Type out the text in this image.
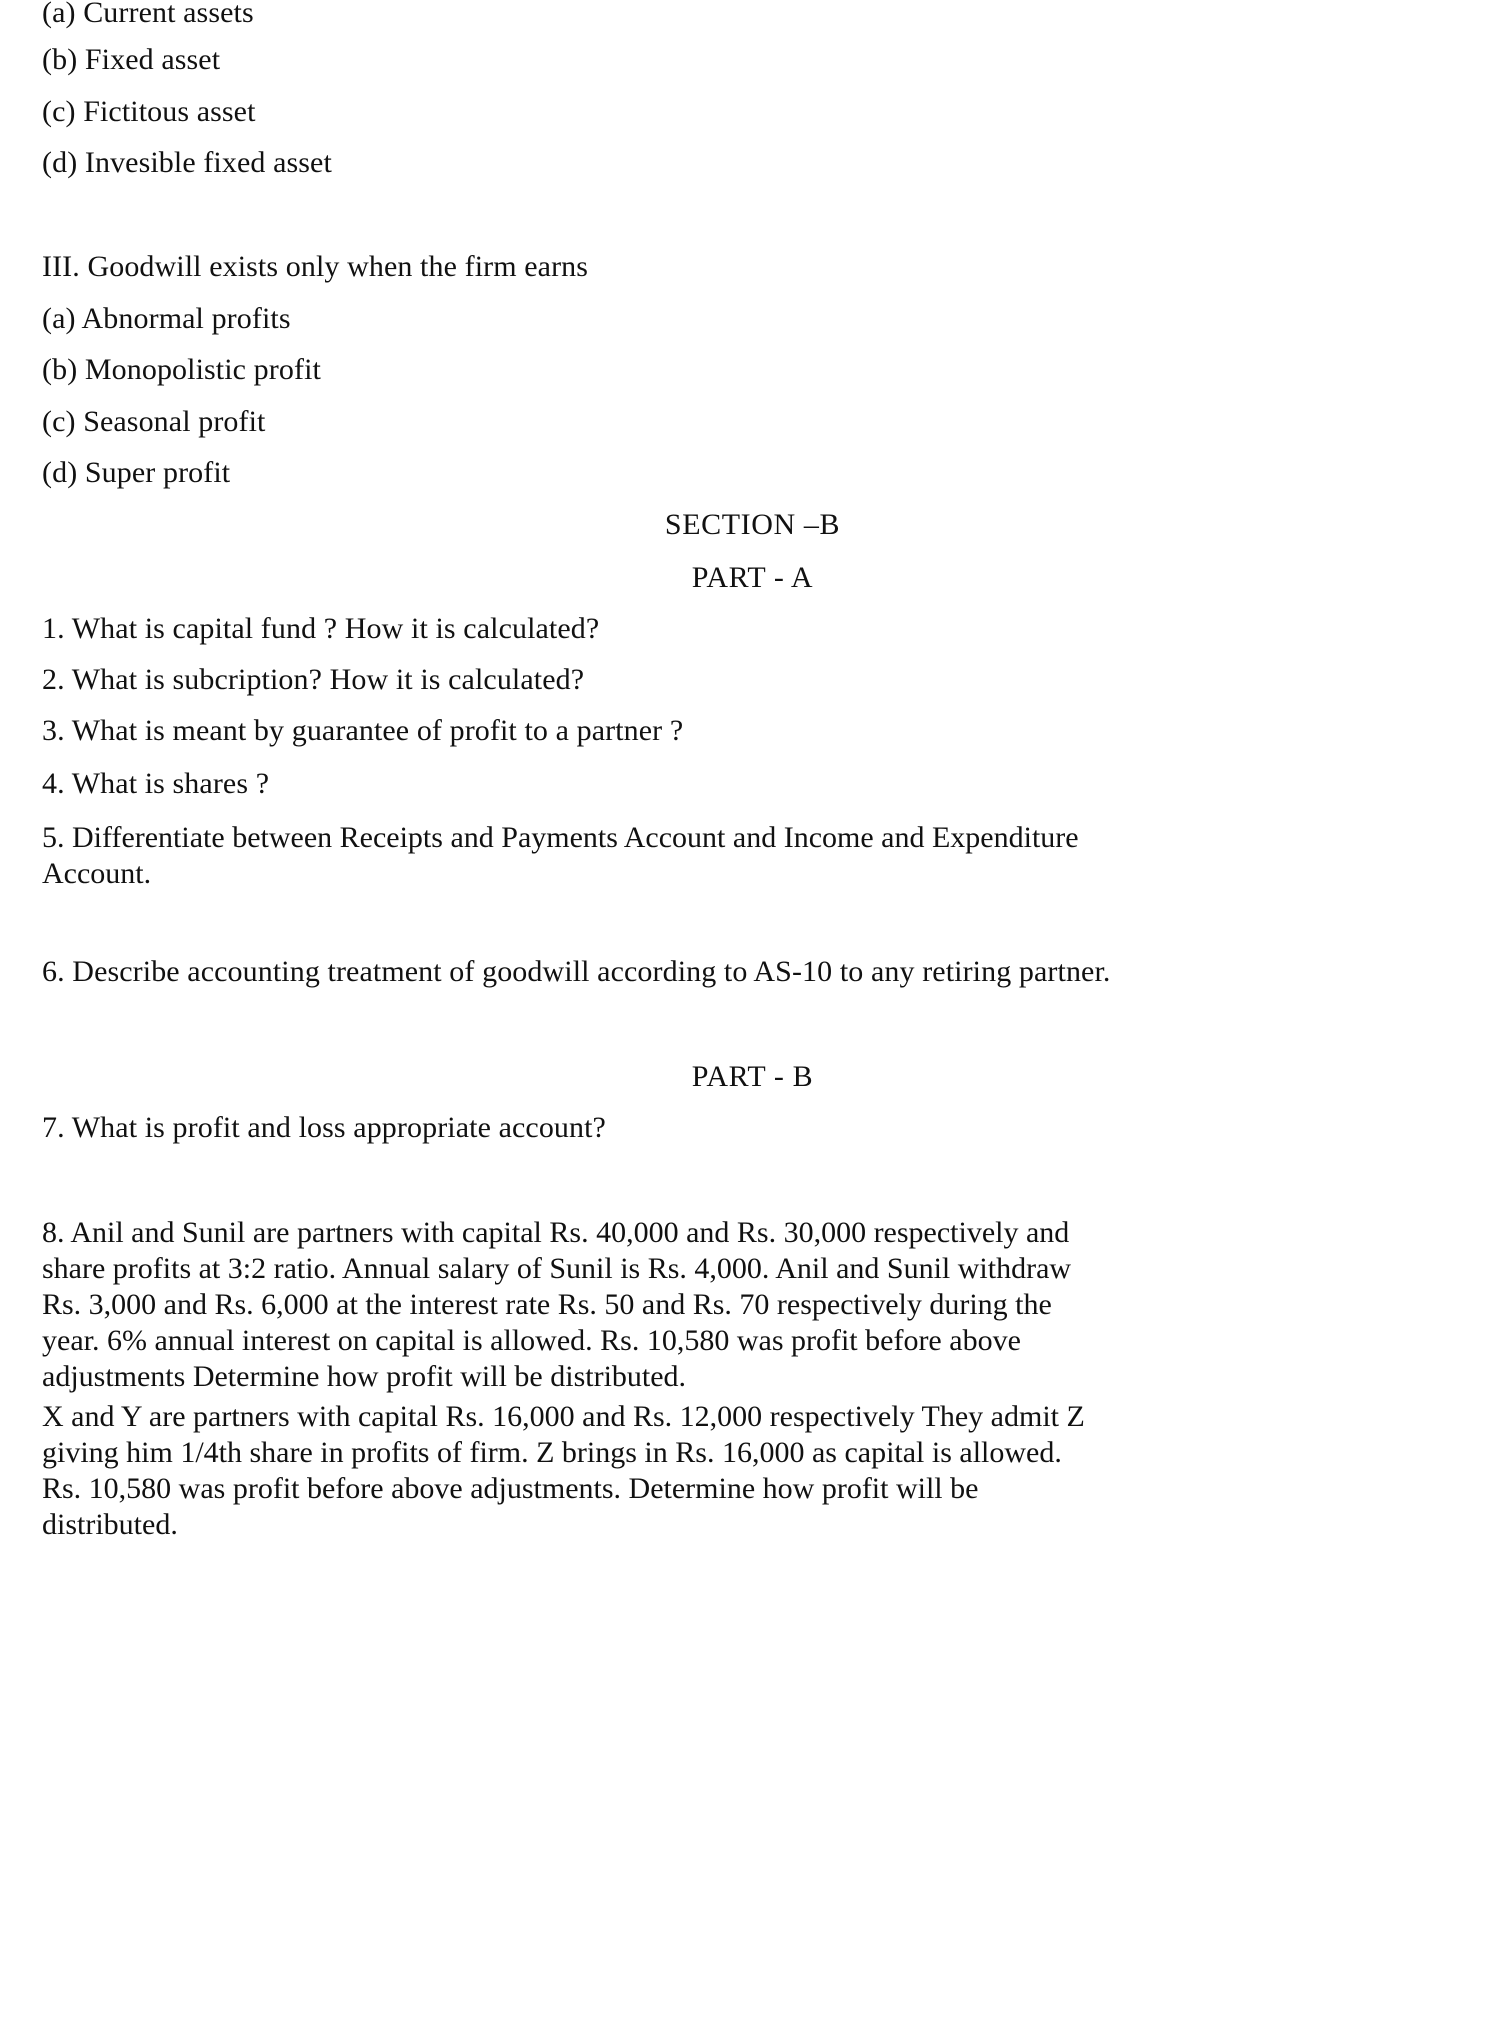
(a) Current assets
(b) Fixed asset
(c) Fictitous asset
(d) Invesible fixed asset
III. Goodwill exists only when the firm earns
(a) Abnormal profits
(b) Monopolistic profit
(c) Seasonal profit
(d) Super profit
SECTION –B
PART - A
1. What is capital fund ? How it is calculated?
2. What is subcription? How it is calculated?
3. What is meant by guarantee of profit to a partner ?
4. What is shares ?
5. Differentiate between Receipts and Payments Account and Income and Expenditure Account.
6. Describe accounting treatment of goodwill according to AS-10 to any retiring partner.
PART - B
7. What is profit and loss appropriate account?
8. Anil and Sunil are partners with capital Rs. 40,000 and Rs. 30,000 respectively and share profits at 3:2 ratio. Annual salary of Sunil is Rs. 4,000. Anil and Sunil withdraw Rs. 3,000 and Rs. 6,000 at the interest rate Rs. 50 and Rs. 70 respectively during the year. 6% annual interest on capital is allowed. Rs. 10,580 was profit before above adjustments Determine how profit will be distributed.
X and Y are partners with capital Rs. 16,000 and Rs. 12,000 respectively They admit Z giving him 1/4th share in profits of firm. Z brings in Rs. 16,000 as capital is allowed. Rs. 10,580 was profit before above adjustments. Determine how profit will be distributed.
